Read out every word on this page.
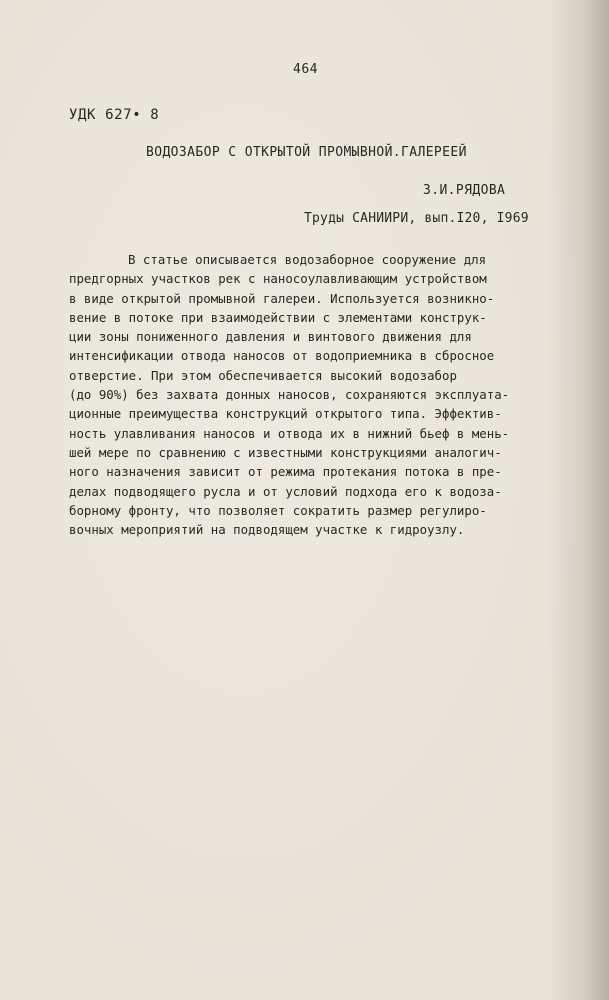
464
УДК 627• 8
ВОДОЗАБОР С ОТКРЫТОЙ ПРОМЫВНОЙ.ГАЛЕРЕЕЙ
З.И.РЯДОВА
Труды САНИИРИ, вып.I20, I969
В статье описывается водозаборное сооружение для
предгорных участков рек с наносоулавливающим устройством
в виде открытой промывной галереи. Используется возникно-
вение в потоке при взаимодействии с элементами конструк-
ции зоны пониженного давления и винтового движения для
интенсификации отвода наносов от водоприемника в сбросное
отверстие. При этом обеспечивается высокий водозабор
(до 90%) без захвата донных наносов, сохраняются эксплуата-
ционные преимущества конструкций открытого типа. Эффектив-
ность улавливания наносов и отвода их в нижний бьеф в мень-
шей мере по сравнению с известными конструкциями аналогич-
ного назначения зависит от режима протекания потока в пре-
делах подводящего русла и от условий подхода его к водоза-
борному фронту, что позволяет сократить размер регулиро-
вочных мероприятий на подводящем участке к гидроузлу.
